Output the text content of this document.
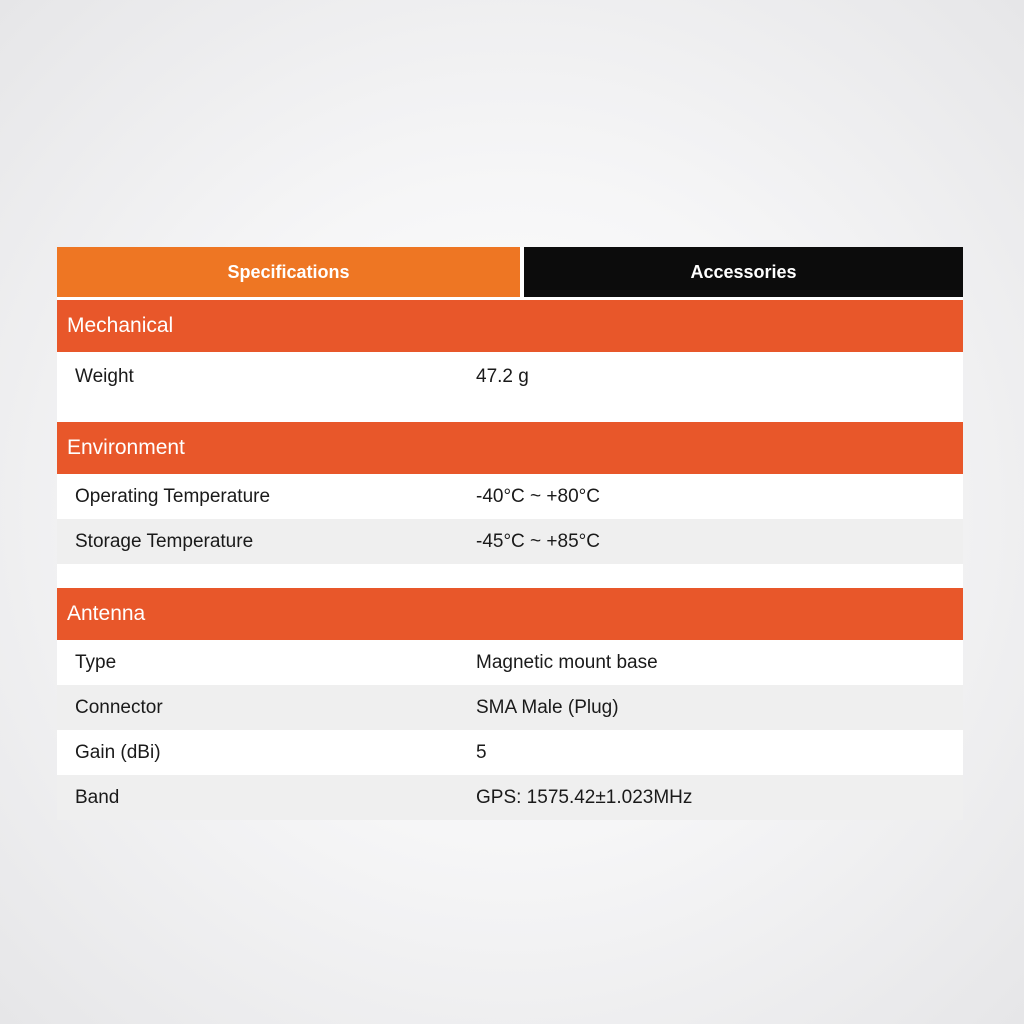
Specifications	Accessories
Mechanical
Weight	47.2 g
Environment
Operating Temperature	-40°C ~ +80°C
Storage Temperature	-45°C ~ +85°C
Antenna
Type	Magnetic mount base
Connector	SMA Male (Plug)
Gain (dBi)	5
Band	GPS: 1575.42±1.023MHz
